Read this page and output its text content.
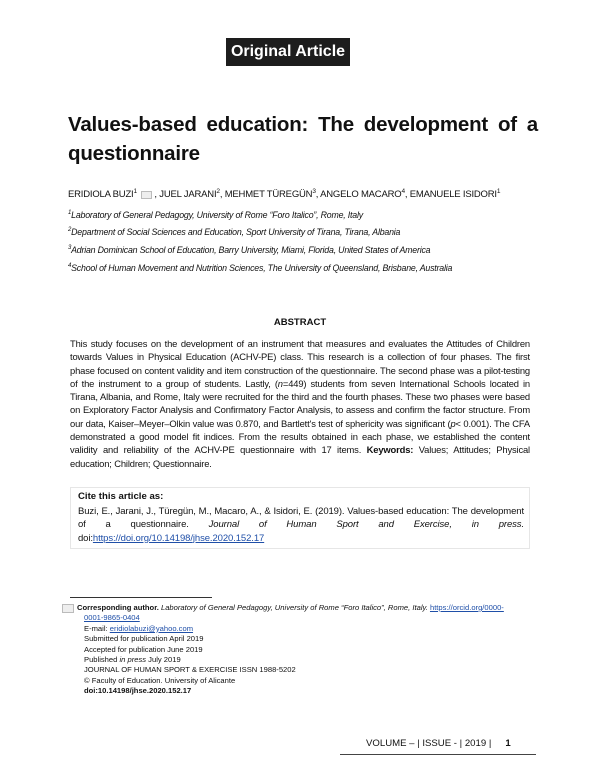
Original Article
Values-based education: The development of a questionnaire
ERIDIOLA BUZI$^1$ , JUEL JARANI$^2$, MEHMET TÜREGÜN$^3$, ANGELO MACARO$^4$, EMANUELE ISIDORI$^1$
$^1$Laboratory of General Pedagogy, University of Rome “Foro Italico”, Rome, Italy
$^2$Department of Social Sciences and Education, Sport University of Tirana, Tirana, Albania
$^3$Adrian Dominican School of Education, Barry University, Miami, Florida, United States of America
$^4$School of Human Movement and Nutrition Sciences, The University of Queensland, Brisbane, Australia
ABSTRACT
This study focuses on the development of an instrument that measures and evaluates the Attitudes of Children towards Values in Physical Education (ACHV-PE) class. This research is a collection of four phases. The first phase focused on content validity and item construction of the questionnaire. The second phase was a pilot-testing of the instrument to a group of students. Lastly, (n=449) students from seven International Schools located in Tirana, Albania, and Rome, Italy were recruited for the third and the fourth phases. These two phases were based on Exploratory Factor Analysis and Confirmatory Factor Analysis, to assess and confirm the factor structure. From our data, Kaiser–Meyer–Olkin value was 0.870, and Bartlett's test of sphericity was significant (p< 0.001). The CFA demonstrated a good model fit indices. From the results obtained in each phase, we established the content validity and reliability of the ACHV-PE questionnaire with 17 items. Keywords: Values; Attitudes; Physical education; Children; Questionnaire.
Cite this article as:
Buzi, E., Jarani, J., Türegün, M., Macaro, A., & Isidori, E. (2019). Values-based education: The development of a questionnaire. Journal of Human Sport and Exercise, in press. doi:https://doi.org/10.14198/jhse.2020.152.17
Corresponding author. Laboratory of General Pedagogy, University of Rome “Foro Italico”, Rome, Italy. https://orcid.org/0000-
0001-9865-0404
E-mail: eridiolabuzi@yahoo.com
Submitted for publication April 2019
Accepted for publication June 2019
Published in press July 2019
JOURNAL OF HUMAN SPORT & EXERCISE ISSN 1988-5202
© Faculty of Education. University of Alicante
doi:10.14198/jhse.2020.152.17
VOLUME – | ISSUE - | 2019 | 1
